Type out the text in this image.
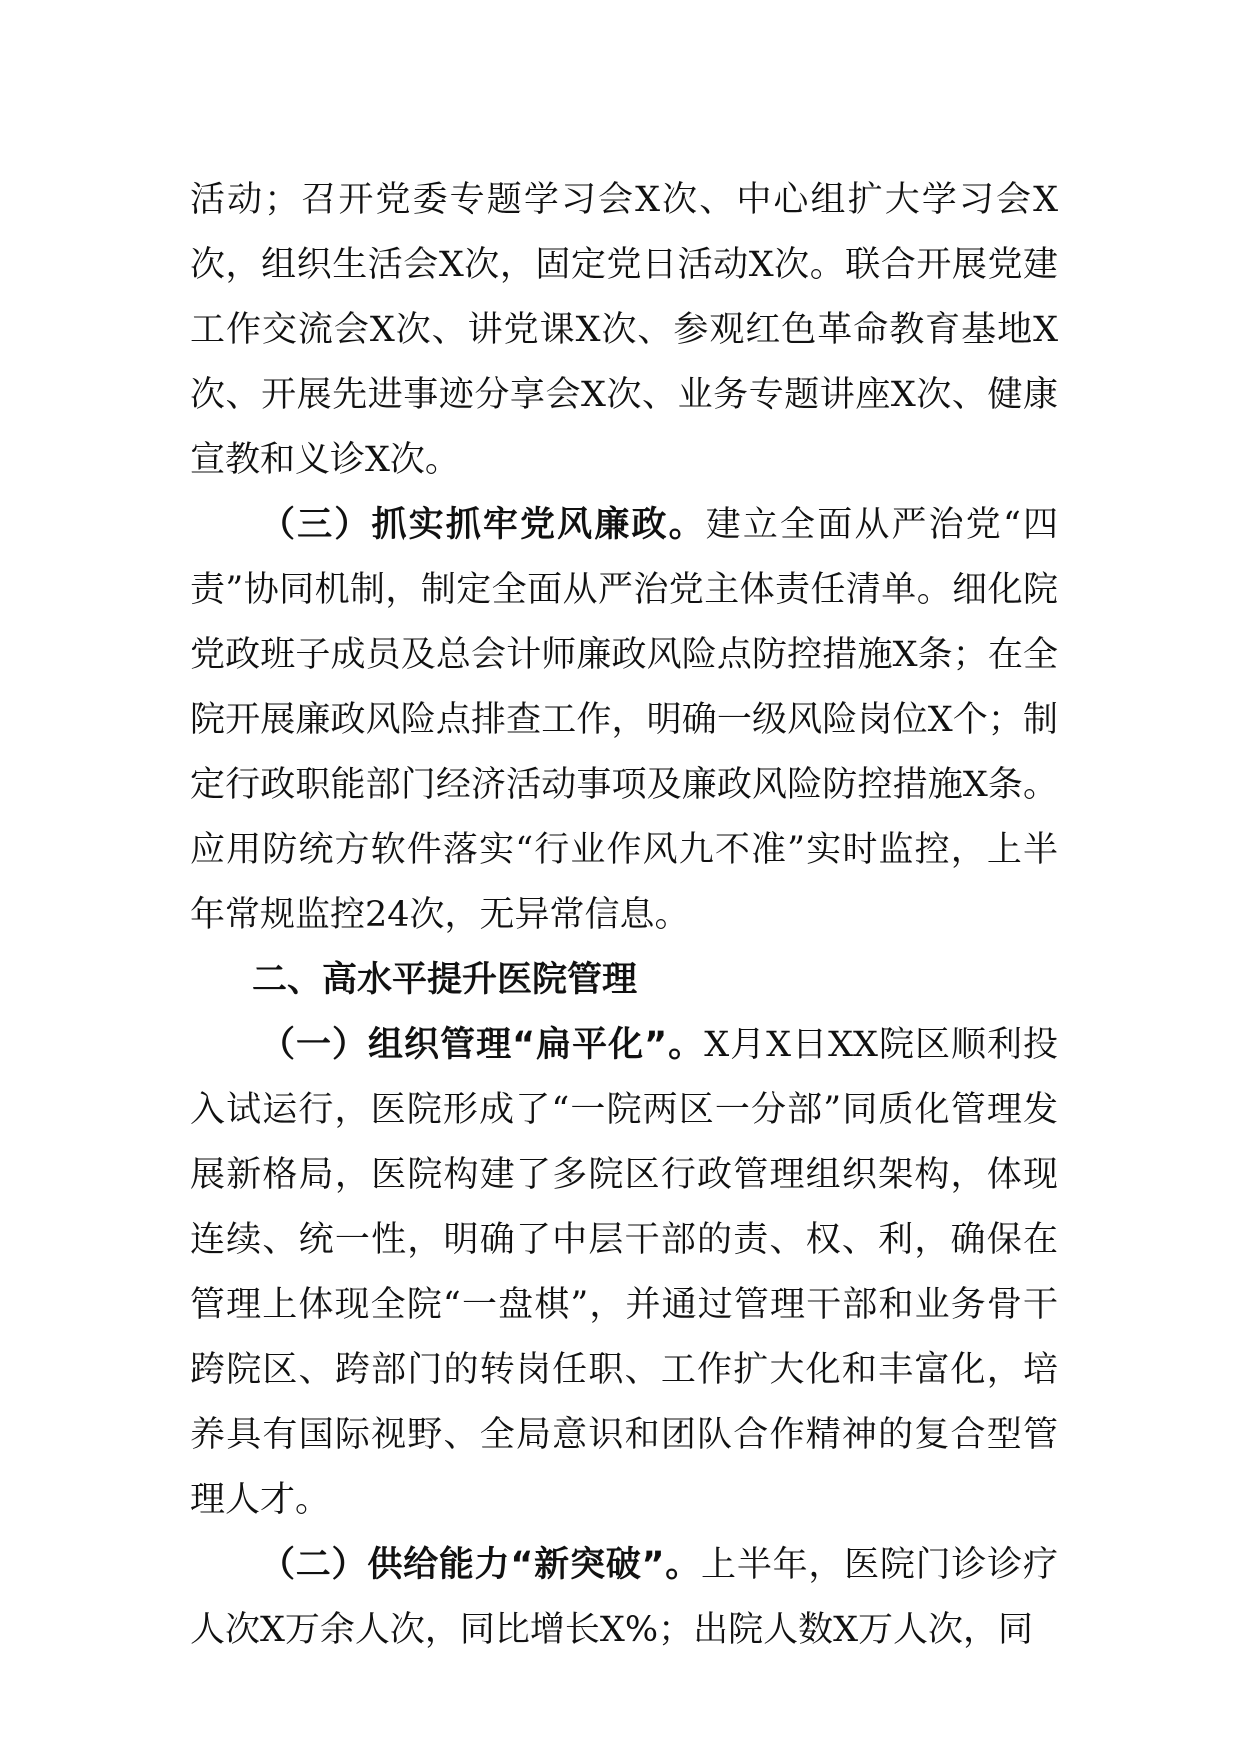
活动；召开党委专题学习会X次、中心组扩大学习会X次，组织生活会X次，固定党日活动X次。联合开展党建工作交流会X次、讲党课X次、参观红色革命教育基地X次、开展先进事迹分享会X次、业务专题讲座X次、健康宣教和义诊X次。

（三）抓实抓牢党风廉政。建立全面从严治党“四责”协同机制，制定全面从严治党主体责任清单。细化院党政班子成员及总会计师廉政风险点防控措施X条；在全院开展廉政风险点排查工作，明确一级风险岗位X个；制定行政职能部门经济活动事项及廉政风险防控措施X条。应用防统方软件落实“行业作风九不准”实时监控，上半年常规监控24次，无异常信息。

二、高水平提升医院管理

（一）组织管理“扁平化”。X月X日XX院区顺利投入试运行，医院形成了“一院两区一分部”同质化管理发展新格局，医院构建了多院区行政管理组织架构，体现连续、统一性，明确了中层干部的责、权、利，确保在管理上体现全院“一盘棋”，并通过管理干部和业务骨干跨院区、跨部门的转岗任职、工作扩大化和丰富化，培养具有国际视野、全局意识和团队合作精神的复合型管理人才。

（二）供给能力“新突破”。上半年，医院门诊诊疗人次X万余人次，同比增长X%；出院人数X万人次，同
